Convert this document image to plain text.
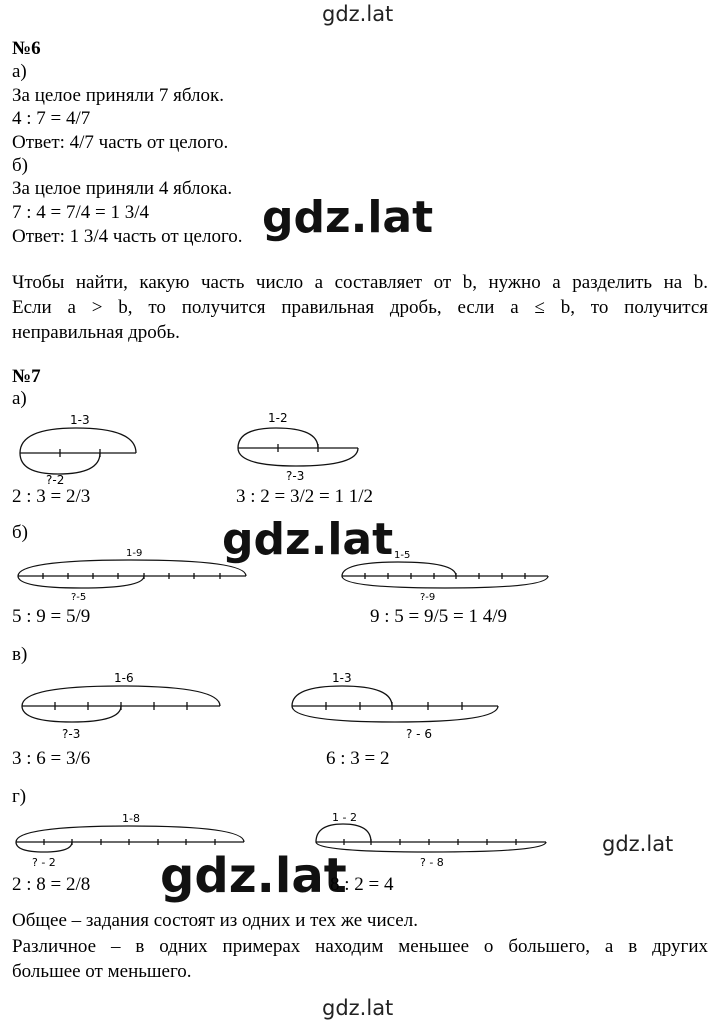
gdz.lat
gdz.lat
gdz.lat
gdz.lat
gdz.lat
gdz.lat
№6
а)
За целое приняли 7 яблок.
4 : 7 = 4/7
Ответ: 4/7 часть от целого.
б)
За целое приняли 4 яблока.
7 : 4 = 7/4 = 1 3/4
Ответ: 1 3/4 часть от целого.
Чтобы найти, какую часть число a составляет от b, нужно a разделить на b.
Если a > b, то получится правильная дробь, если a ≤ b, то получится
неправильная дробь.
№7
а)
1-3
?-2
2 : 3 = 2/3
1-2
?-3
3 : 2 = 3/2 = 1 1/2
б)
1-9
?-5
5 : 9 = 5/9
1-5
?-9
9 : 5 = 9/5 = 1 4/9
в)
1-6
?-3
3 : 6 = 3/6
1-3
? - 6
6 : 3 = 2
г)
1-8
? - 2
2 : 8 = 2/8
1 - 2
? - 8
8 : 2 = 4
Общее – задания состоят из одних и тех же чисел.
Различное – в одних примерах находим меньшее о большего, а в других
большее от меньшего.
